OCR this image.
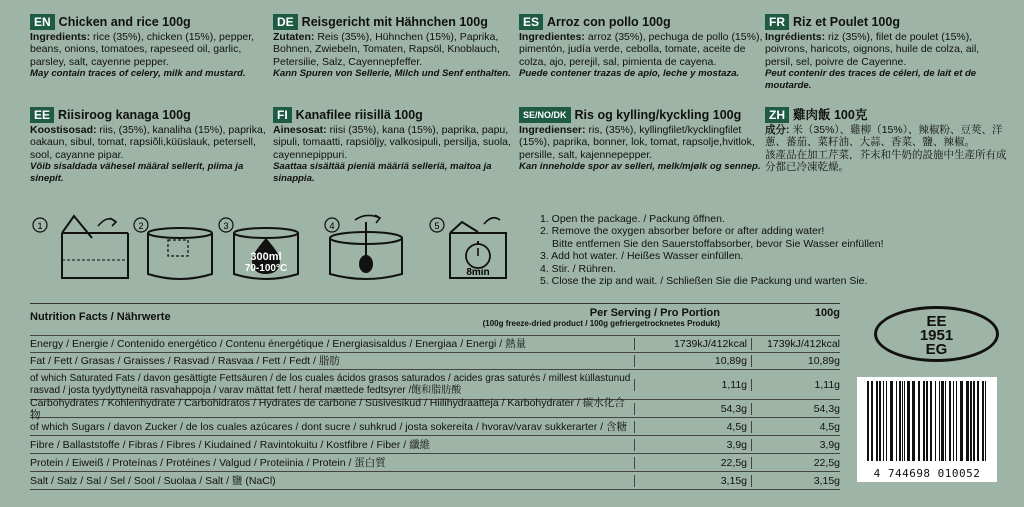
EN Chicken and rice 100g
Ingredients: rice (35%), chicken (15%), pepper, beans, onions, tomatoes, rapeseed oil, garlic, parsley, salt, cayenne pepper.
May contain traces of celery, milk and mustard.
DE Reisgericht mit Hähnchen 100g
Zutaten: Reis (35%), Hühnchen (15%), Paprika, Bohnen, Zwiebeln, Tomaten, Rapsöl, Knoblauch, Petersilie, Salz, Cayennepfeffer.
Kann Spuren von Sellerie, Milch und Senf enthalten.
ES Arroz con pollo 100g
Ingredientes: arroz (35%), pechuga de pollo (15%), pimentón, judía verde, cebolla, tomate, aceite de colza, ajo, perejil, sal, pimienta de cayena.
Puede contener trazas de apio, leche y mostaza.
FR Riz et Poulet 100g
Ingrédients: riz (35%), filet de poulet (15%), poivrons, haricots, oignons, huile de colza, ail, persil, sel, poivre de Cayenne.
Peut contenir des traces de céleri, de lait et de moutarde.
EE Riisiroog kanaga 100g
Koostisosad: riis, (35%), kanaliha (15%), paprika, oakaun, sibul, tomat, rapsiõli,küüslauk, petersell, sool, cayanne pipar.
Võib sisaldada vähesel määral sellerit, piima ja sinepit.
FI Kanafilee riisillä 100g
Ainesosat: riisi (35%), kana (15%), paprika, papu, sipuli, tomaatti, rapsiöljy, valkosipuli, persilja, suola, cayennepippuri.
Saattaa sisältää pieniä määriä selleriä, maitoa ja sinappia.
SE/NO/DK Ris og kylling/kyckling 100g
Ingredienser: ris, (35%), kyllingfilet/kycklingfilet (15%), paprika, bonner, lok, tomat, rapsolje,hvitlok, persille, salt, kajennepepper.
Kan inneholde spor av selleri, melk/mjølk og sennep.
ZH 雞肉飯 100克
成分: 米（35%）、雞柳（15%）、辣椒粉、豆莢、洋蔥、蕃茄、菜籽油、大蒜、香菜、鹽、辣椒。
該產品在加工芹菜，芥末和牛奶的設施中生產所有成分都已冷凍乾燥。
1	2	3	4	5
300ml
70-100°C	8min
1. Open the package. / Packung öffnen.
2. Remove the oxygen absorber before or after adding water!
Bitte entfernen Sie den Sauerstoffabsorber, bevor Sie Wasser einfüllen!
3. Add hot water. / Heißes Wasser einfüllen.
4. Stir. / Rühren.
5. Close the zip and wait. / Schließen Sie die Packung und warten Sie.
Nutrition Facts / Nährwerte	Per Serving / Pro Portion
(100g freeze-dried product / 100g gefriergetrocknetes Produkt)
100g
Energy / Energie / Contenido energético / Contenu énergétique / Energiasisaldus / Energiaa / Energi / 熱量	1739kJ/412kcal	1739kJ/412kcal
Fat / Fett / Grasas / Graisses / Rasvad / Rasvaa / Fett / Fedt / 脂肪	10,89g	10,89g
of which Saturated Fats / davon gesättigte Fettsäuren / de los cuales ácidos grasos saturados / acides gras saturés / millest küllastunud rasvad / josta tyydyttyneitä rasvahappoja / varav mättat fett / heraf mættede fedtsyrer /飽和脂肪酸	1,11g	1,11g
Carbohydrates / Kohlenhydrate / Carbohidratos / Hydrates de carbone / Süsivesikud / Hiilihydraatteja / Karbohydrater / 碳水化合物	54,3g	54,3g
of which Sugars / davon Zucker / de los cuales azúcares / dont sucre / suhkrud / josta sokereita / hvorav/varav sukkerarter / 含糖	4,5g	4,5g
Fibre / Ballaststoffe / Fibras / Fibres / Kiudained / Ravintokuitu / Kostfibre / Fiber / 纖維	3,9g	3,9g
Protein / Eiweiß / Proteínas / Protéines / Valgud / Proteiinia / Protein / 蛋白質	22,5g	22,5g
Salt / Salz / Sal / Sel / Sool / Suolaa / Salt / 鹽 (NaCl)	3,15g	3,15g
EE
1951
EG
4 744698 010052
